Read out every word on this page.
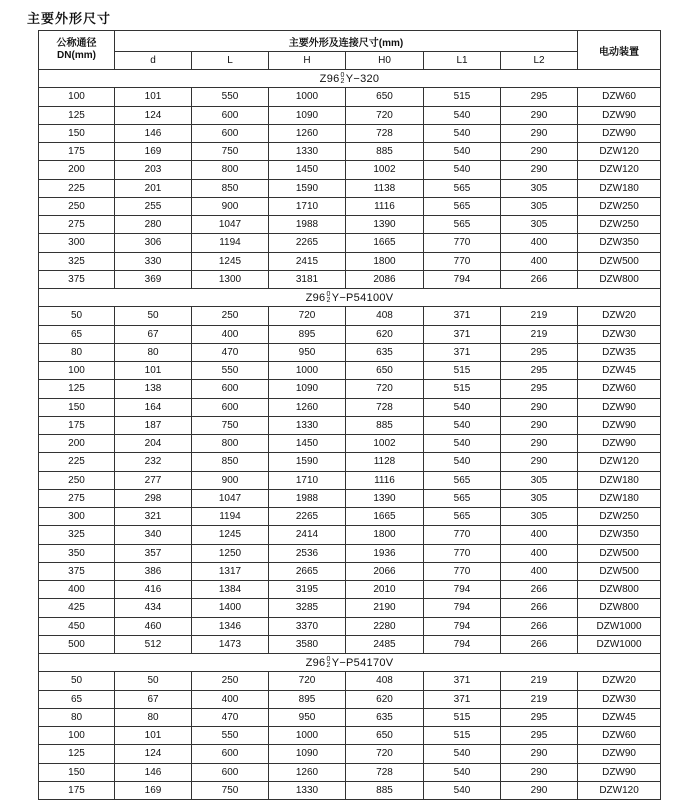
主要外形尺寸
公称通径
DN(mm)	主要外形及连接尺寸(mm)						电动装置
	d	L	H	H0	L1	L2	
Z96 0
2 Y−320							
100	101	550	1000	650	515	295	DZW60
125	124	600	1090	720	540	290	DZW90
150	146	600	1260	728	540	290	DZW90
175	169	750	1330	885	540	290	DZW120
200	203	800	1450	1002	540	290	DZW120
225	201	850	1590	1138	565	305	DZW180
250	255	900	1710	1116	565	305	DZW250
275	280	1047	1988	1390	565	305	DZW250
300	306	1194	2265	1665	770	400	DZW350
325	330	1245	2415	1800	770	400	DZW500
375	369	1300	3181	2086	794	266	DZW800
Z96 0
2 Y−P54100V							
50	50	250	720	408	371	219	DZW20
65	67	400	895	620	371	219	DZW30
80	80	470	950	635	371	295	DZW35
100	101	550	1000	650	515	295	DZW45
125	138	600	1090	720	515	295	DZW60
150	164	600	1260	728	540	290	DZW90
175	187	750	1330	885	540	290	DZW90
200	204	800	1450	1002	540	290	DZW90
225	232	850	1590	1128	540	290	DZW120
250	277	900	1710	1116	565	305	DZW180
275	298	1047	1988	1390	565	305	DZW180
300	321	1194	2265	1665	565	305	DZW250
325	340	1245	2414	1800	770	400	DZW350
350	357	1250	2536	1936	770	400	DZW500
375	386	1317	2665	2066	770	400	DZW500
400	416	1384	3195	2010	794	266	DZW800
425	434	1400	3285	2190	794	266	DZW800
450	460	1346	3370	2280	794	266	DZW1000
500	512	1473	3580	2485	794	266	DZW1000
Z96 0
2 Y−P54170V							
50	50	250	720	408	371	219	DZW20
65	67	400	895	620	371	219	DZW30
80	80	470	950	635	515	295	DZW45
100	101	550	1000	650	515	295	DZW60
125	124	600	1090	720	540	290	DZW90
150	146	600	1260	728	540	290	DZW90
175	169	750	1330	885	540	290	DZW120
